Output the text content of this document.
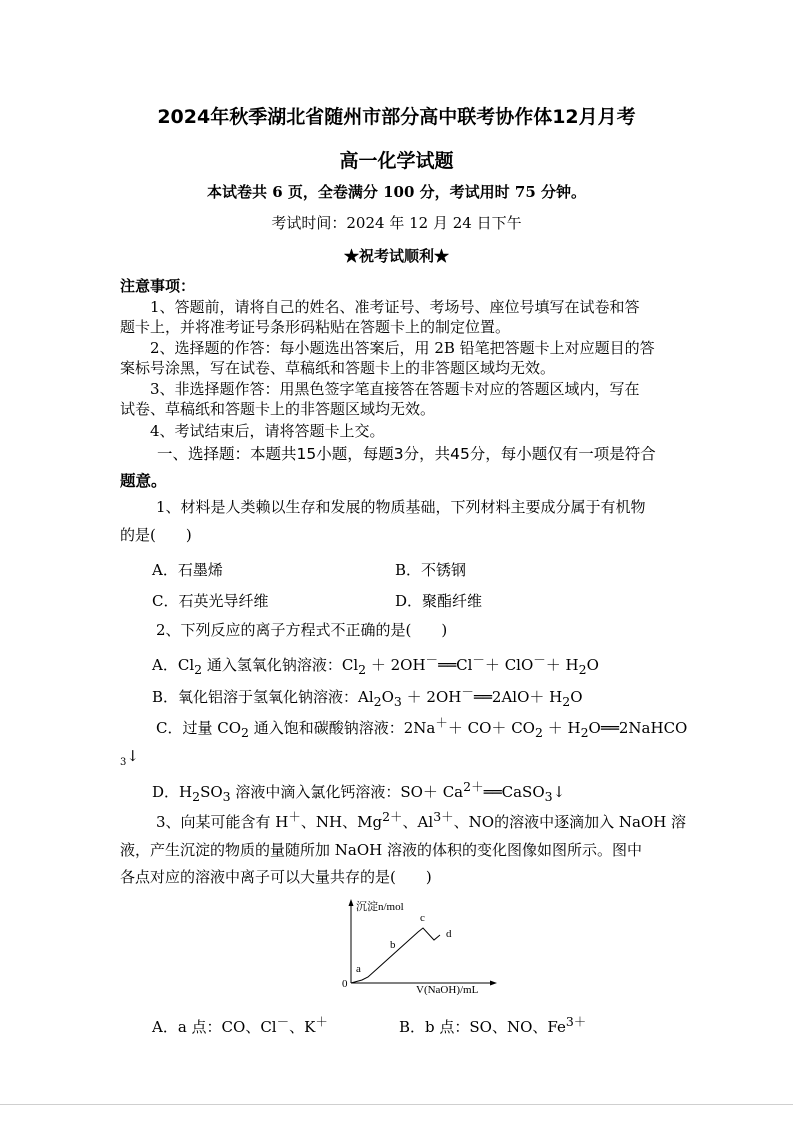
2024年秋季湖北省随州市部分高中联考协作体12月月考
高一化学试题
本试卷共 6 页，全卷满分 100 分，考试用时 75 分钟。
考试时间：2024 年 12 月 24 日下午
★祝考试顺利★
注意事项：
1、答题前，请将自己的姓名、准考证号、考场号、座位号填写在试卷和答
题卡上，并将准考证号条形码粘贴在答题卡上的制定位置。
2、选择题的作答：每小题选出答案后，用 2B 铅笔把答题卡上对应题目的答
案标号涂黑，写在试卷、草稿纸和答题卡上的非答题区域均无效。
3、非选择题作答：用黑色签字笔直接答在答题卡对应的答题区域内，写在
试卷、草稿纸和答题卡上的非答题区域均无效。
4、考试结束后，请将答题卡上交。
一、选择题：本题共15小题，每题3分，共45分，每小题仅有一项是符合
题意。
1、材料是人类赖以生存和发展的物质基础，下列材料主要成分属于有机物
的是(　　)
A．石墨烯	B．不锈钢
C．石英光导纤维	D．聚酯纤维
2、下列反应的离子方程式不正确的是(　　)
A．$Cl_2$ 通入氢氧化钠溶液：$Cl_2$ ＋ 2OH－══Cl－＋ $ClO^-+ H_2O$
B．氧化铝溶于氢氧化钠溶液：$Al_2O_3$ ＋ 2OH－══2AlO＋ $H_2O$
C．过量 $CO_2$ 通入饱和碳酸钠溶液：$2Na^++ CO+ CO_2$ ＋ $H_2O══2NaHCO$
$_3$↓
D．$H_2SO_3$ 溶液中滴入氯化钙溶液：$SO+ Ca^{2+}══CaSO_3↓$
3、向某可能含有 H＋、NH、$Mg^{2+}$、$Al^{3+}$、NO的溶液中逐滴加入 NaOH 溶
液，产生沉淀的物质的量随所加 NaOH 溶液的体积的变化图像如图所示。图中
各点对应的溶液中离子可以大量共存的是(　　)
沉淀n/mol
V(NaOH)/mL
0
a
b
c
d
A．a 点：CO、Cl－、K＋	B．b 点：SO、NO、$Fe^{3+}$
